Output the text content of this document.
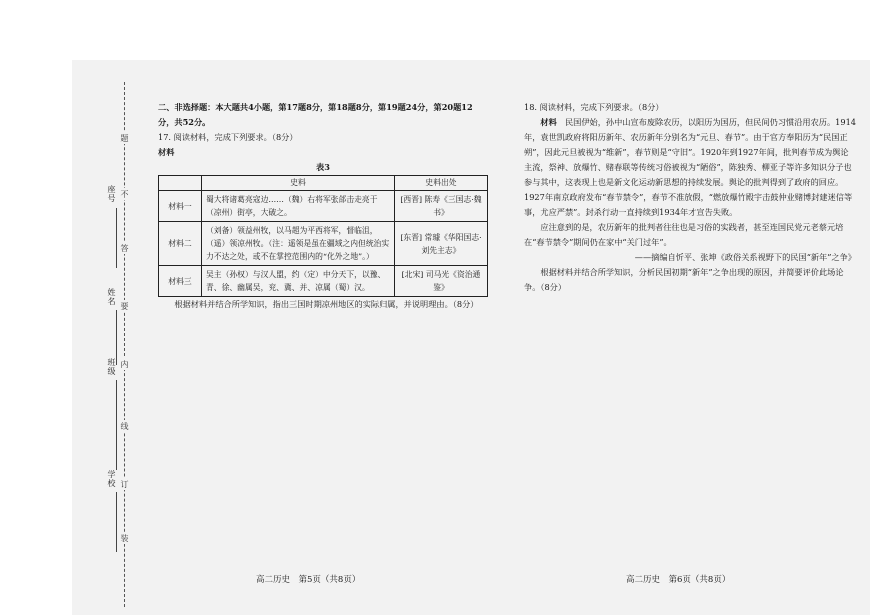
座号
姓名
班级
学校
题
不
答
要
内
线
订
装

二、非选择题：本大题共4小题，第17题8分，第18题8分，第19题24分，第20题12分，共52分。

17. 阅读材料，完成下列要求。（8分）

材料

表3

	史料	史料出处
材料一	蜀大将诸葛亮寇边……（魏）右将军张郃击走亮于（凉州）街亭，大破之。	[西晋] 陈寿《三国志·魏书》
材料二	（刘备）领益州牧，以马超为平西将军，督临沮，（遥）领凉州牧。（注：遥领是虽在疆域之内但统治实力不达之处，或不在掌控范围内的“化外之地”。）	[东晋] 常璩《华阳国志·刘先主志》
材料三	吴主（孙权）与汉人盟，约（定）中分天下，以豫、青、徐、幽属吴，兖、冀、并、凉属（蜀）汉。	[北宋] 司马光《资治通鉴》

根据材料并结合所学知识，指出三国时期凉州地区的实际归属，并说明理由。（8分）

18. 阅读材料，完成下列要求。（8分）

材料　 民国伊始，孙中山宣布废除农历，以阳历为国历，但民间仍习惯沿用农历。1914年，袁世凯政府将阳历新年、农历新年分别名为“元旦、春节”。由于官方奉阳历为“民国正朔”，因此元旦被视为“维新”，春节则是“守旧”。1920年到1927年间，批判春节成为舆论主流，祭神、放爆竹、赌春联等传统习俗被视为“陋俗”，陈独秀、柳亚子等许多知识分子也参与其中，这表现上也是新文化运动新思想的持续发展。舆论的批判得到了政府的回应。1927年南京政府发布“春节禁令”，春节不准放假，“燃放爆竹殿宇击鼓仲业赌博封建迷信等事，尤应严禁”。封杀行动一直持续到1934年才宣告失败。

应注意到的是，农历新年的批判者往往也是习俗的实践者，甚至连国民党元老蔡元培在“春节禁令”期间仍在家中“关门过年”。

——摘编自忻平、张坤《政俗关系视野下的民国“新年”之争》

根据材料并结合所学知识，分析民国初期“新年”之争出现的原因，并简要评价此场论争。（8分）

高二历史　第5页（共8页）	高二历史　第6页（共8页）
